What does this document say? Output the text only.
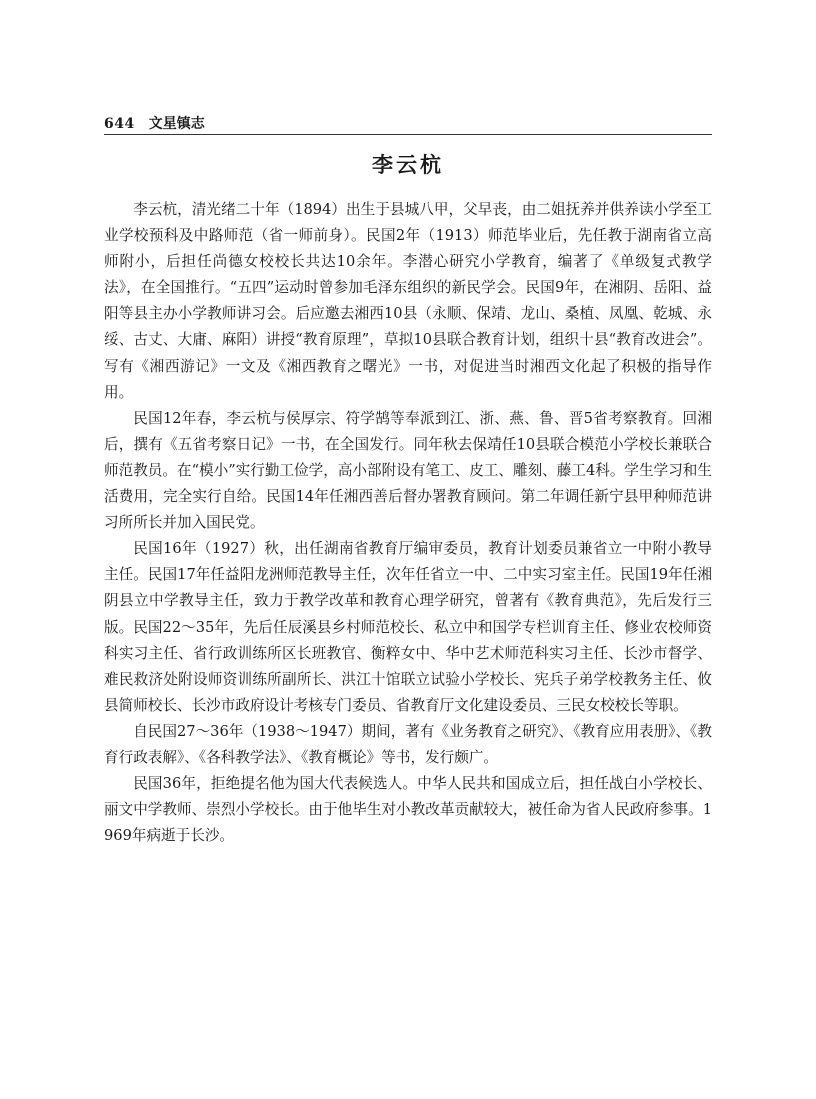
644 文星镇志
李云杭

李云杭，清光绪二十年（1894）出生于县城八甲，父早丧，由二姐抚养并供养读小学至工业学校预科及中路师范（省一师前身）。民国2年（1913）师范毕业后，先任教于湖南省立高师附小，后担任尚德女校校长共达10余年。李潜心研究小学教育，编著了《单级复式教学法》，在全国推行。“五四”运动时曾参加毛泽东组织的新民学会。民国9年，在湘阴、岳阳、益阳等县主办小学教师讲习会。后应邀去湘西10县（永顺、保靖、龙山、桑植、凤凰、乾城、永绥、古丈、大庸、麻阳）讲授“教育原理”，草拟10县联合教育计划，组织十县“教育改进会”。写有《湘西游记》一文及《湘西教育之曙光》一书，对促进当时湘西文化起了积极的指导作用。

民国12年春，李云杭与侯厚宗、符学鹄等奉派到江、浙、燕、鲁、晋5省考察教育。回湘后，撰有《五省考察日记》一书，在全国发行。同年秋去保靖任10县联合模范小学校长兼联合师范教员。在“模小”实行勤工俭学，高小部附设有笔工、皮工、雕刻、藤工4科。学生学习和生活费用，完全实行自给。民国14年任湘西善后督办署教育顾问。第二年调任新宁县甲种师范讲习所所长并加入国民党。

民国16年（1927）秋，出任湖南省教育厅编审委员，教育计划委员兼省立一中附小教导主任。民国17年任益阳龙洲师范教导主任，次年任省立一中、二中实习室主任。民国19年任湘阴县立中学教导主任，致力于教学改革和教育心理学研究，曾著有《教育典范》，先后发行三版。民国22～35年，先后任辰溪县乡村师范校长、私立中和国学专栏训育主任、修业农校师资科实习主任、省行政训练所区长班教官、衡粹女中、华中艺术师范科实习主任、长沙市督学、难民救济处附设师资训练所副所长、洪江十馆联立试验小学校长、宪兵子弟学校教务主任、攸县简师校长、长沙市政府设计考核专门委员、省教育厅文化建设委员、三民女校校长等职。

自民国27～36年（1938～1947）期间，著有《业务教育之研究》、《教育应用表册》、《教育行政表解》、《各科教学法》、《教育概论》等书，发行颇广。

民国36年，拒绝提名他为国大代表候选人。中华人民共和国成立后，担任战白小学校长、丽文中学教师、崇烈小学校长。由于他毕生对小教改革贡献较大，被任命为省人民政府参事。1969年病逝于长沙。
